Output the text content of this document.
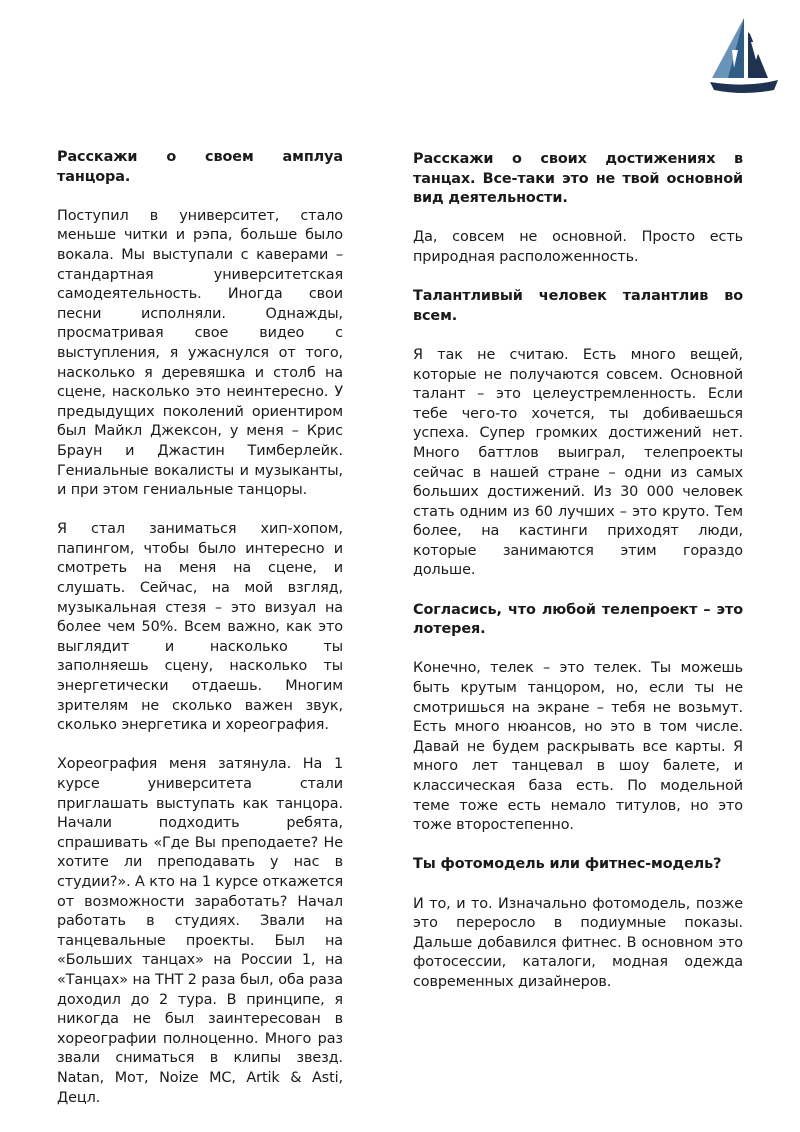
Расскажи о своем амплуа танцора.
Поступил в университет, стало меньше читки и рэпа, больше было вокала. Мы выступали с каверами – стандартная университетская самодеятельность. Иногда свои песни исполняли. Однажды, просматривая свое видео с выступления, я ужаснулся от того, насколько я деревяшка и столб на сцене, насколько это неинтересно. У предыдущих поколений ориентиром был Майкл Джексон, у меня – Крис Браун и Джастин Тимберлейк. Гениальные вокалисты и музыканты, и при этом гениальные танцоры.
Я стал заниматься хип-хопом, папингом, чтобы было интересно и смотреть на меня на сцене, и слушать. Сейчас, на мой взгляд, музыкальная стезя – это визуал на более чем 50%. Всем важно, как это выглядит и насколько ты заполняешь сцену, насколько ты энергетически отдаешь. Многим зрителям не сколько важен звук, сколько энергетика и хореография.
Хореография меня затянула. На 1 курсе университета стали приглашать выступать как танцора. Начали подходить ребята, спрашивать «Где Вы преподаете? Не хотите ли преподавать у нас в студии?». А кто на 1 курсе откажется от возможности заработать? Начал работать в студиях. Звали на танцевальные проекты. Был на «Больших танцах» на России 1, на «Танцах» на ТНТ 2 раза был, оба раза доходил до 2 тура. В принципе, я никогда не был заинтересован в хореографии полноценно. Много раз звали сниматься в клипы звезд. Natan, Мот, Noize MC, Artik & Asti, Децл.
Расскажи о своих достижениях в танцах. Все-таки это не твой основной вид деятельности.
Да, совсем не основной. Просто есть природная расположенность.
Талантливый человек талантлив во всем.
Я так не считаю. Есть много вещей, которые не получаются совсем. Основной талант – это целеустремленность. Если тебе чего-то хочется, ты добиваешься успеха. Супер громких достижений нет. Много баттлов выиграл, телепроекты сейчас в нашей стране – одни из самых больших достижений. Из 30 000 человек стать одним из 60 лучших – это круто. Тем более, на кастинги приходят люди, которые занимаются этим гораздо дольше.
Согласись, что любой телепроект – это лотерея.
Конечно, телек – это телек. Ты можешь быть крутым танцором, но, если ты не смотришься на экране – тебя не возьмут. Есть много нюансов, но это в том числе. Давай не будем раскрывать все карты. Я много лет танцевал в шоу балете, и классическая база есть. По модельной теме тоже есть немало титулов, но это тоже второстепенно.
Ты фотомодель или фитнес-модель?
И то, и то. Изначально фотомодель, позже это переросло в подиумные показы. Дальше добавился фитнес. В основном это фотосессии, каталоги, модная одежда современных дизайнеров.
